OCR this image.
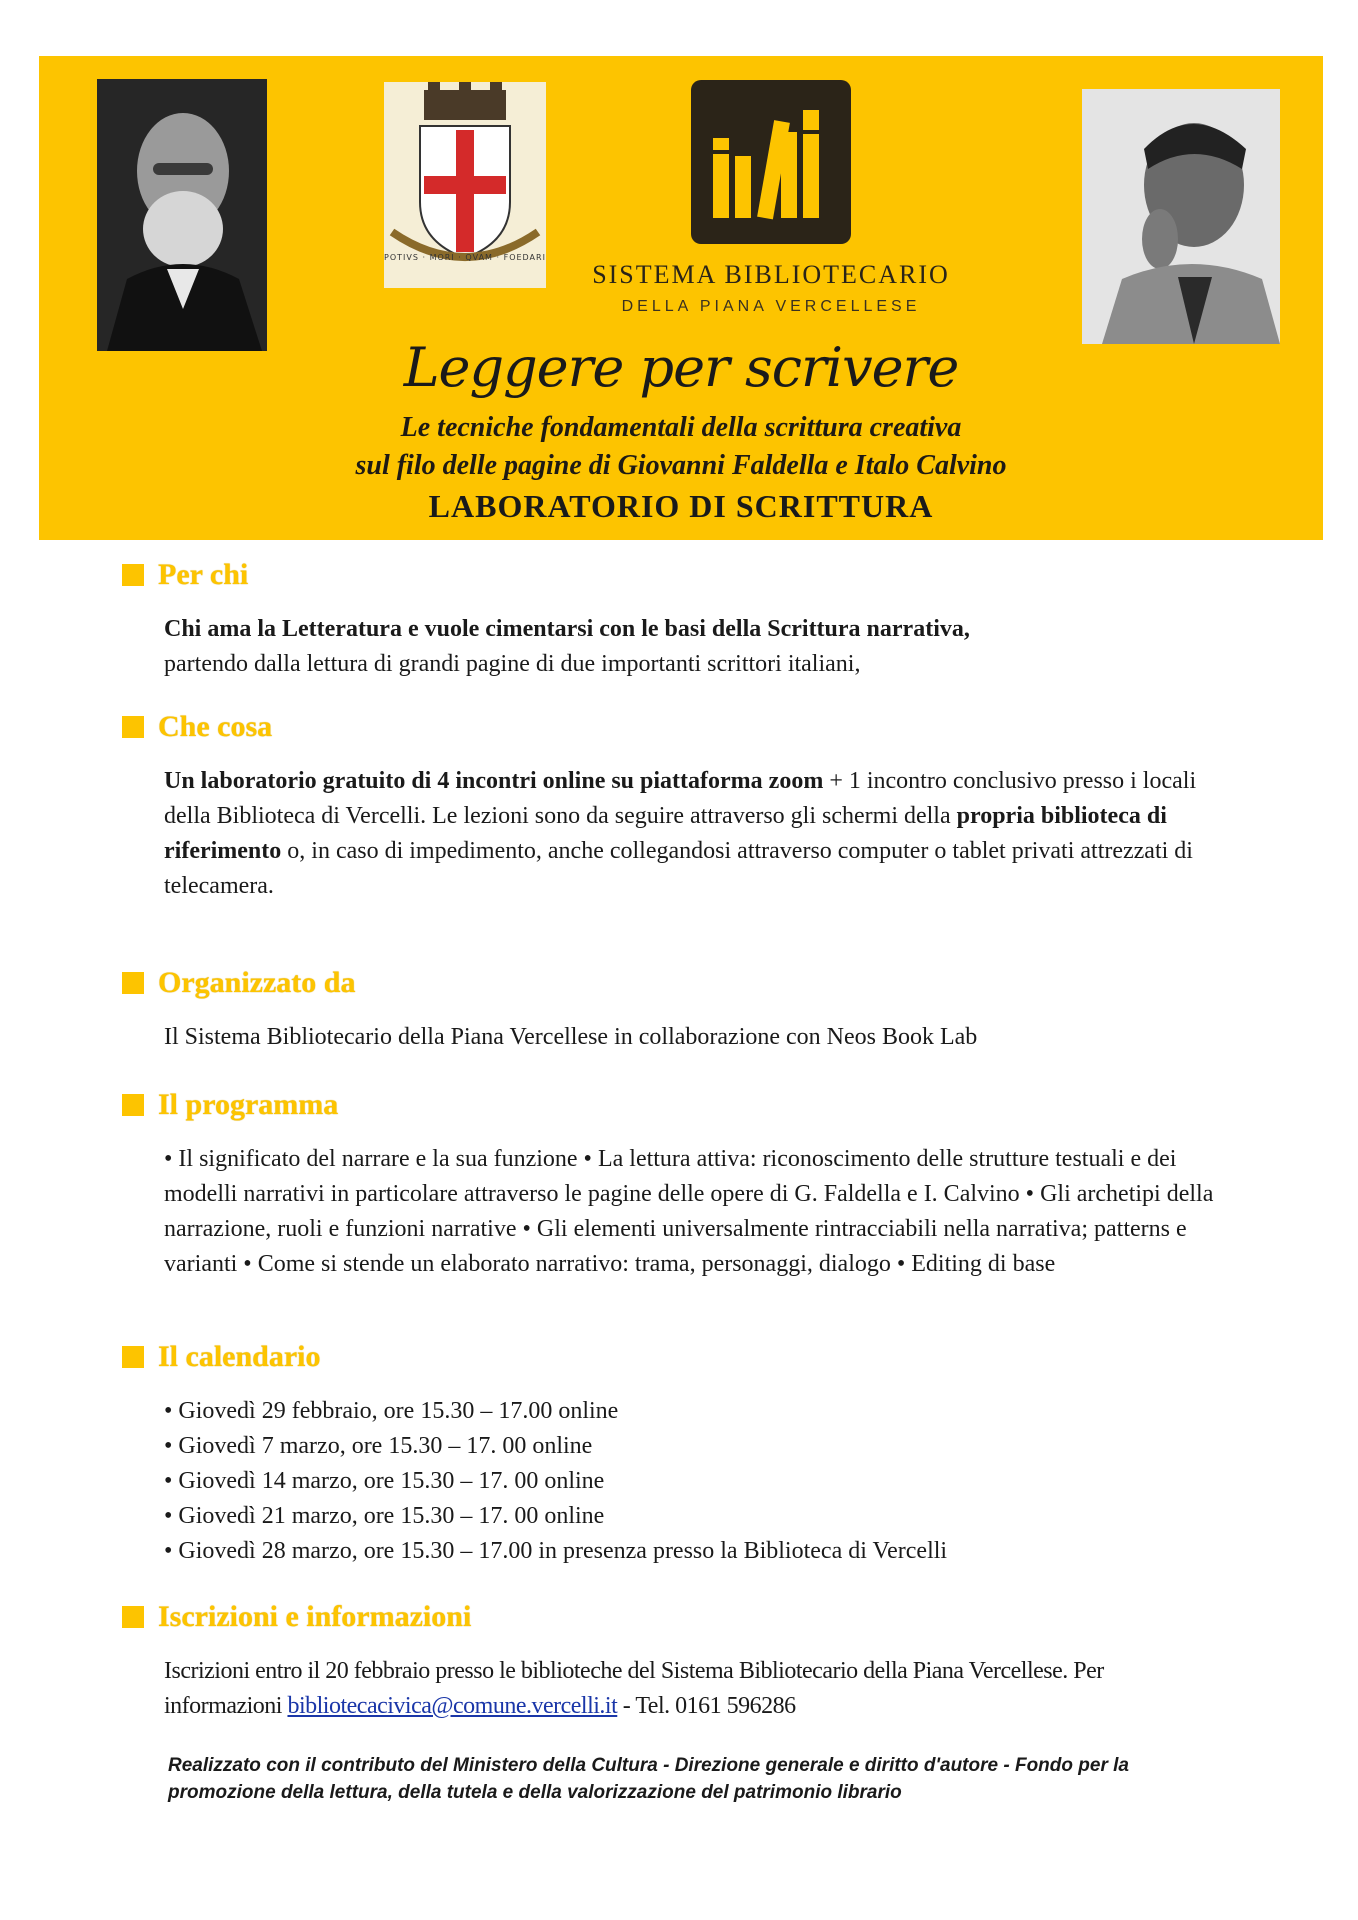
POTIVS · MORI · QVAM · FOEDARI
SISTEMA BIBLIOTECARIO
DELLA PIANA VERCELLESE
Leggere per scrivere
Le tecniche fondamentali della scrittura creativa
sul filo delle pagine di Giovanni Faldella e Italo Calvino
LABORATORIO DI SCRITTURA
Per chi
Chi ama la Letteratura e vuole cimentarsi con le basi della Scrittura narrativa,
partendo dalla lettura di grandi pagine di due importanti scrittori italiani,
Che cosa
Un laboratorio gratuito di 4 incontri online su piattaforma zoom + 1 incontro conclusivo presso i locali della Biblioteca di Vercelli. Le lezioni sono da seguire attraverso gli schermi della propria biblioteca di riferimento o, in caso di impedimento, anche collegandosi attraverso computer o tablet privati attrezzati di telecamera.
Organizzato da
Il Sistema Bibliotecario della Piana Vercellese in collaborazione con Neos Book Lab
Il programma
• Il significato del narrare e la sua funzione • La lettura attiva: riconoscimento delle strutture testuali e dei modelli narrativi in particolare attraverso le pagine delle opere di G. Faldella e I. Calvino • Gli archetipi della narrazione, ruoli e funzioni narrative • Gli elementi universalmente rintracciabili nella narrativa; patterns e varianti • Come si stende un elaborato narrativo: trama, personaggi, dialogo • Editing di base
Il calendario
• Giovedì 29 febbraio, ore 15.30 – 17.00 online
• Giovedì 7 marzo, ore 15.30 – 17. 00 online
• Giovedì 14 marzo, ore 15.30 – 17. 00 online
• Giovedì 21 marzo, ore 15.30 – 17. 00 online
• Giovedì 28 marzo, ore 15.30 – 17.00 in presenza presso la Biblioteca di Vercelli
Iscrizioni e informazioni
Iscrizioni entro il 20 febbraio presso le biblioteche del Sistema Bibliotecario della Piana Vercellese. Per informazioni bibliotecacivica@comune.vercelli.it - Tel. 0161 596286
Realizzato con il contributo del Ministero della Cultura - Direzione generale e diritto d'autore - Fondo per la promozione della lettura, della tutela e della valorizzazione del patrimonio librario
